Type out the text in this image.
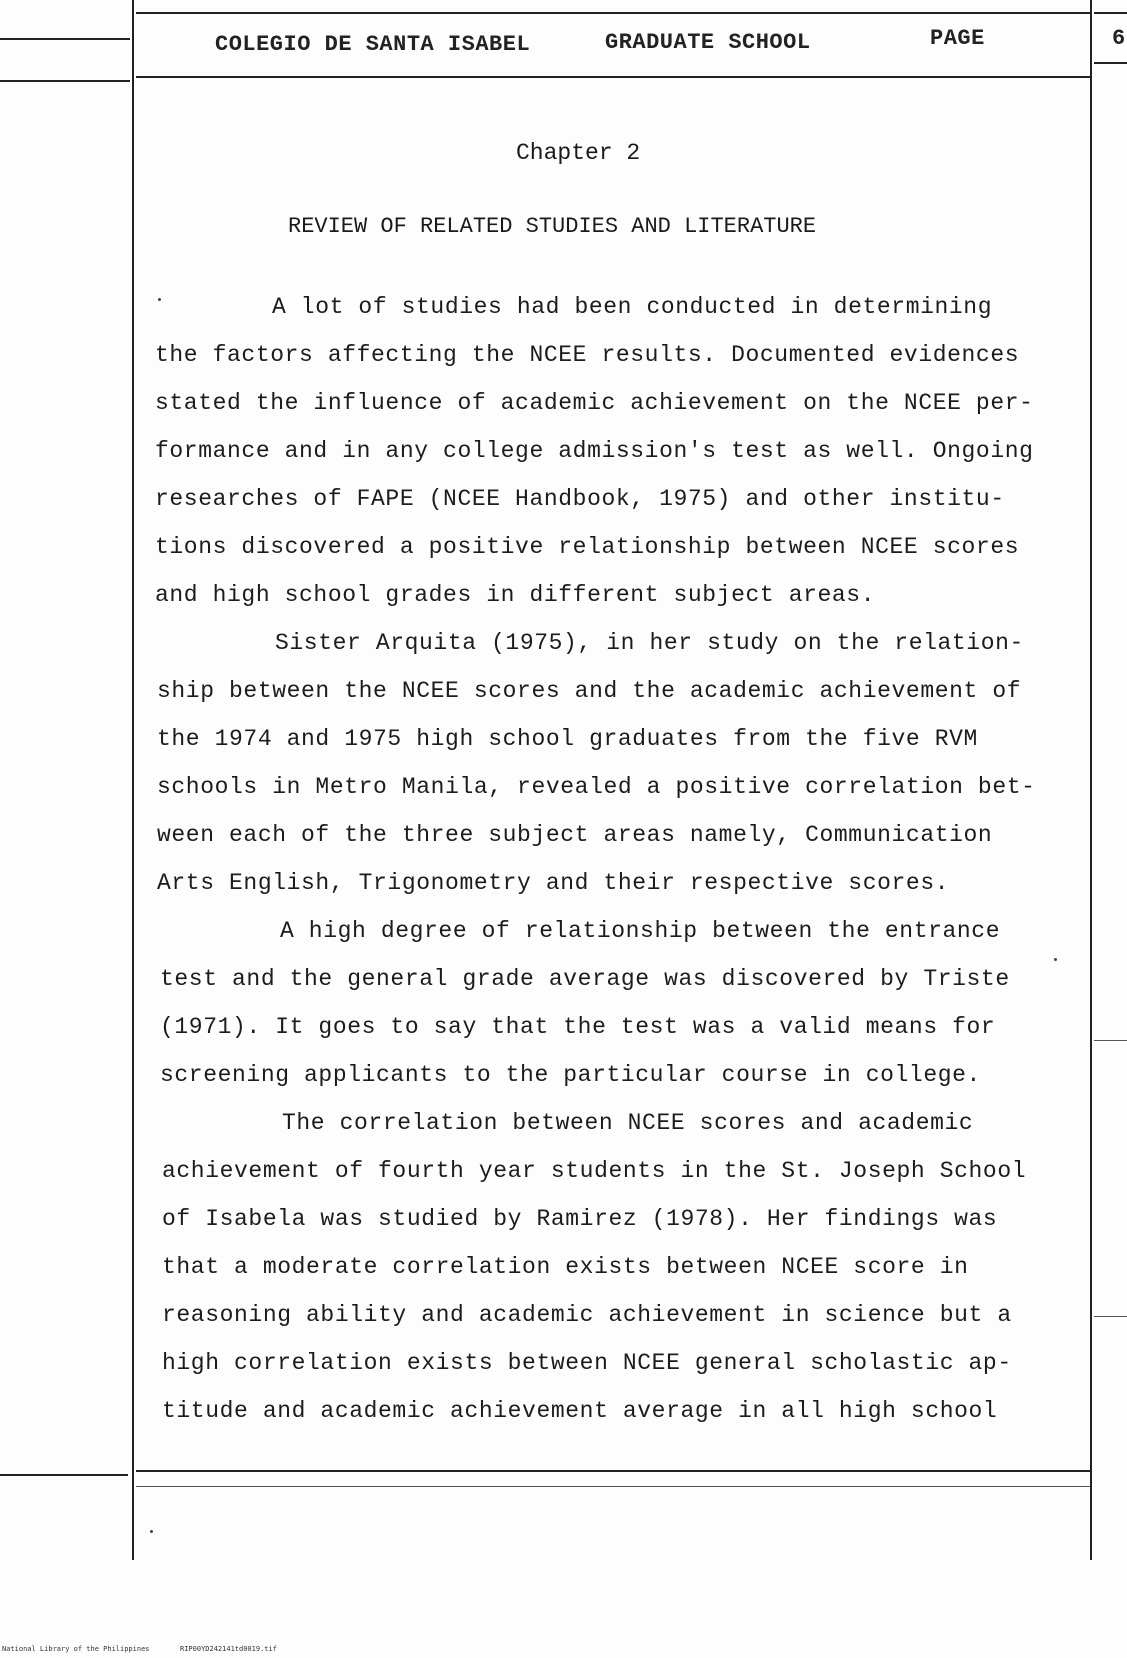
COLEGIO DE SANTA ISABEL	GRADUATE SCHOOL	PAGE	6
Chapter 2
REVIEW OF RELATED STUDIES AND LITERATURE
A lot of studies had been conducted in determining
the factors affecting the NCEE results. Documented evidences
stated the influence of academic achievement on the NCEE per-
formance and in any college admission's test as well. Ongoing
researches of FAPE (NCEE Handbook, 1975) and other institu-
tions discovered a positive relationship between NCEE scores
and high school grades in different subject areas.
Sister Arquita (1975), in her study on the relation-
ship between the NCEE scores and the academic achievement of
the 1974 and 1975 high school graduates from the five RVM
schools in Metro Manila, revealed a positive correlation bet-
ween each of the three subject areas namely, Communication
Arts English, Trigonometry and their respective scores.
A high degree of relationship between the entrance
test and the general grade average was discovered by Triste
(1971). It goes to say that the test was a valid means for
screening applicants to the particular course in college.
The correlation between NCEE scores and academic
achievement of fourth year students in the St. Joseph School
of Isabela was studied by Ramirez (1978). Her findings was
that a moderate correlation exists between NCEE score in
reasoning ability and academic achievement in science but a
high correlation exists between NCEE general scholastic ap-
titude and academic achievement average in all high school
National Library of the Philippines	RIP00YD242141td0019.tif
